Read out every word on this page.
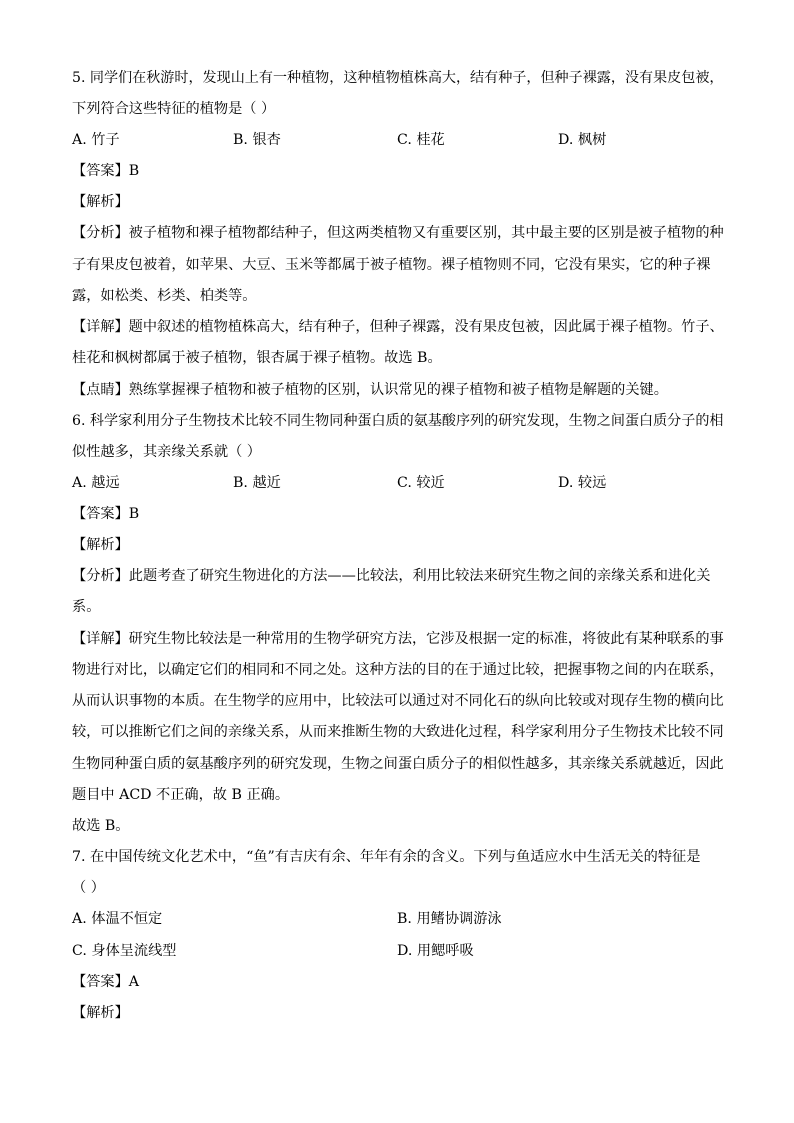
5. 同学们在秋游时，发现山上有一种植物，这种植物植株高大，结有种子，但种子裸露，没有果皮包被，
下列符合这些特征的植物是（ ）
A. 竹子	B. 银杏	C. 桂花	D. 枫树
【答案】B
【解析】
【分析】被子植物和裸子植物都结种子，但这两类植物又有重要区别，其中最主要的区别是被子植物的种
子有果皮包被着，如苹果、大豆、玉米等都属于被子植物。裸子植物则不同，它没有果实，它的种子裸
露，如松类、杉类、柏类等。
【详解】题中叙述的植物植株高大，结有种子，但种子裸露，没有果皮包被，因此属于裸子植物。竹子、
桂花和枫树都属于被子植物，银杏属于裸子植物。故选 B。
【点睛】熟练掌握裸子植物和被子植物的区别，认识常见的裸子植物和被子植物是解题的关键。
6. 科学家利用分子生物技术比较不同生物同种蛋白质的氨基酸序列的研究发现，生物之间蛋白质分子的相
似性越多，其亲缘关系就（ ）
A. 越远	B. 越近	C. 较近	D. 较远
【答案】B
【解析】
【分析】此题考查了研究生物进化的方法——比较法，利用比较法来研究生物之间的亲缘关系和进化关
系。
【详解】研究生物比较法是一种常用的生物学研究方法，它涉及根据一定的标准，将彼此有某种联系的事
物进行对比，以确定它们的相同和不同之处。这种方法的目的在于通过比较，把握事物之间的内在联系，
从而认识事物的本质。在生物学的应用中，比较法可以通过对不同化石的纵向比较或对现存生物的横向比
较，可以推断它们之间的亲缘关系，从而来推断生物的大致进化过程，科学家利用分子生物技术比较不同
生物同种蛋白质的氨基酸序列的研究发现，生物之间蛋白质分子的相似性越多，其亲缘关系就越近，因此
题目中 ACD 不正确，故 B 正确。
故选 B。
7. 在中国传统文化艺术中，“鱼”有吉庆有余、年年有余的含义。下列与鱼适应水中生活无关的特征是
（ ）
A. 体温不恒定	B. 用鳍协调游泳
C. 身体呈流线型	D. 用鳃呼吸
【答案】A
【解析】
